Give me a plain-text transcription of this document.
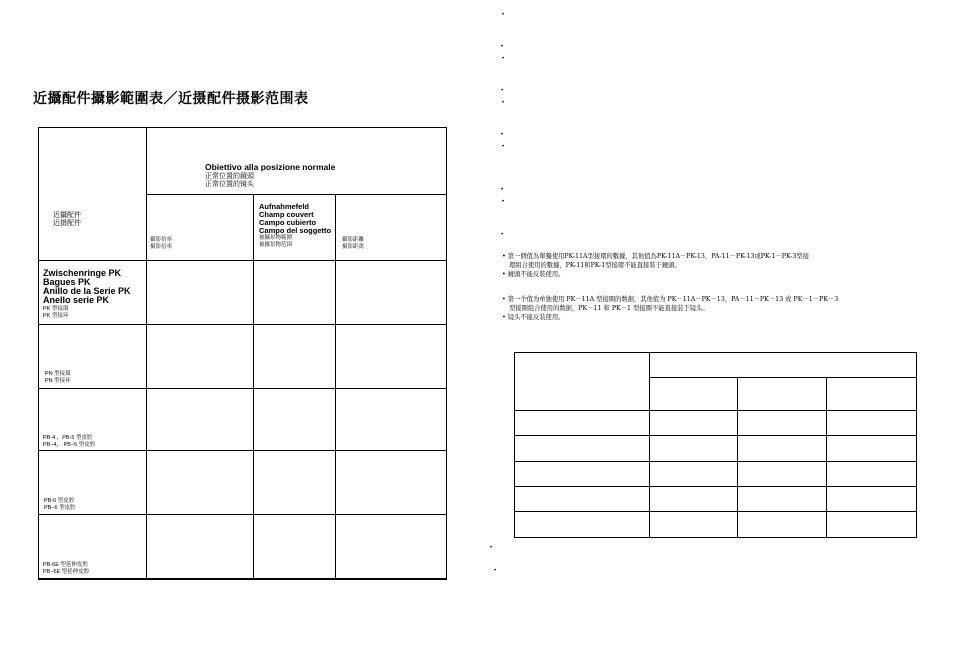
近攝配件攝影範圍表／近摄配件摄影范围表
近攝配件
近摄配件
Obiettivo alla posizione normale
正常位置的鏡頭
正常位置的镜头
Aufnahmefeld
Champ couvert
Campo cubierto
Campo del soggetto
被攝景物範圍
被摄景物范围
攝影倍率
摄影倍率
攝影距離
摄影距离
Zwischenringe PK
Bagues PK
Anillo de la Serie PK
Anello serie PK
PK 型接環
PK 型接环
PN 型接環
PN 型接环
PB-4 ，PB-5 型皮腔
PB−4， PB−5 型皮腔
PB-6 型皮腔
PB−6 型皮腔
PB-6E 型延伸皮腔
PB−6E 型延伸皮腔
•
•
•
•
•
•
•
•
•
•
• 第一個值為單獨使用PK-11A型接環的數據，其他值為PK-11A－PK-13，PA-11－PK-13或PK-1－PK-3型接
環組合使用的數據，PK-11和PK-1型接環不能直接裝于鏡頭。
• 鏡頭不能反裝使用。
• 第一个值为单独使用 PK－11A 型接圈的数据，其他值为 PK－11A－PK－13，PA－11－PK－13 或 PK－1－PK－3
型接圈组合使用的数据，PK－11 和 PK－1 型接圈不能直接装于镜头。
• 镜头不能反装使用。
•
•
